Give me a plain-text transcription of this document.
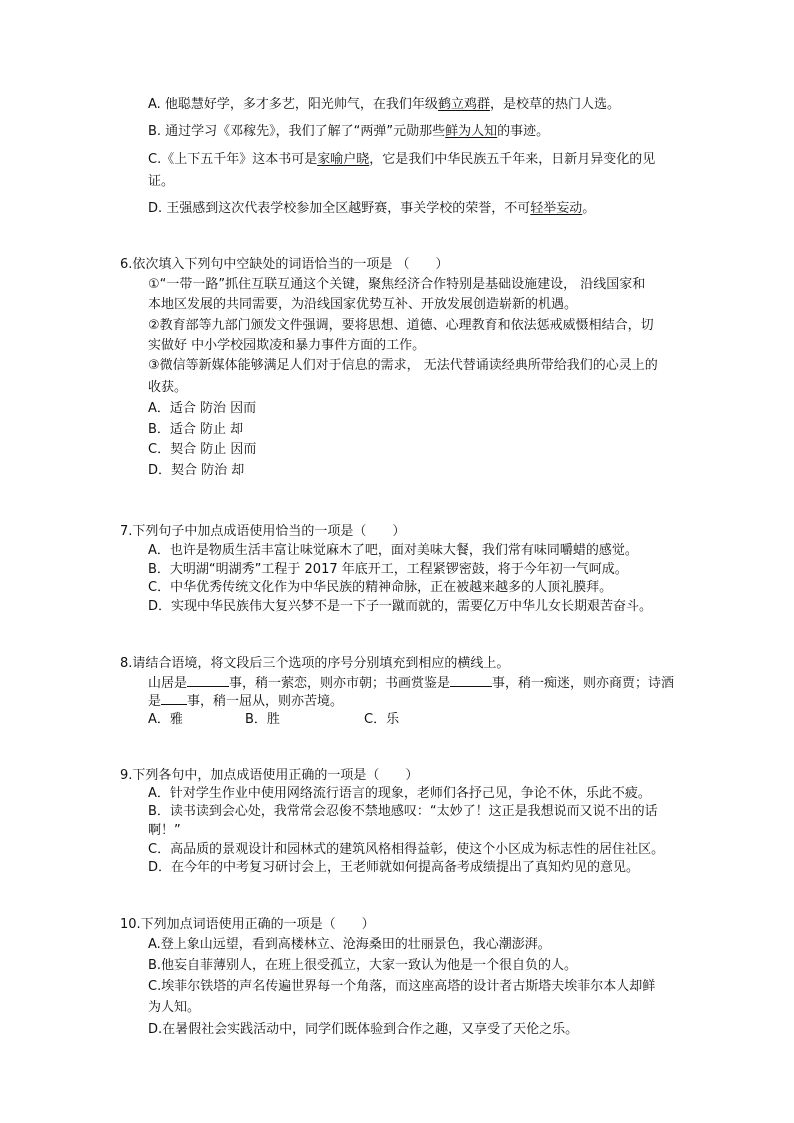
A. 他聪慧好学，多才多艺，阳光帅气，在我们年级鹤立鸡群，是校草的热门人选。
B. 通过学习《邓稼先》，我们了解了“两弹”元勋那些鲜为人知的事迹。
C.《上下五千年》这本书可是家喻户晓，它是我们中华民族五千年来，日新月异变化的见
证。
D. 王强感到这次代表学校参加全区越野赛，事关学校的荣誉，不可轻举妄动。
6.依次填入下列句中空缺处的词语恰当的一项是 （　　）
①“一带一路”抓住互联互通这个关键，聚焦经济合作特别是基础设施建设， 沿线国家和
本地区发展的共同需要，为沿线国家优势互补、开放发展创造崭新的机遇。
②教育部等九部门颁发文件强调，要将思想、道德、心理教育和依法惩戒威慑相结合，切
实做好 中小学校园欺凌和暴力事件方面的工作。
③微信等新媒体能够满足人们对于信息的需求， 无法代替诵读经典所带给我们的心灵上的
收获。
A．适合 防治 因而
B．适合 防止 却
C．契合 防止 因而
D．契合 防治 却
7.下列句子中加点成语使用恰当的一项是（　　）
A．也许是物质生活丰富让味觉麻木了吧，面对美味大餐，我们常有味同嚼蜡的感觉。
B．大明湖“明湖秀”工程于 2017 年底开工，工程紧锣密鼓，将于今年初一气呵成。
C．中华优秀传统文化作为中华民族的精神命脉，正在被越来越多的人顶礼膜拜。
D．实现中华民族伟大复兴梦不是一下子一蹴而就的，需要亿万中华儿女长期艰苦奋斗。
8.请结合语境，将文段后三个选项的序号分别填充到相应的横线上。
山居是	事，稍一萦恋，则亦市朝；书画赏鉴是	事，稍一痴迷，则亦商贾；诗酒
是 事，稍一屈从，则亦苦境。
A．雅	B．胜	C．乐
9.下列各句中，加点成语使用正确的一项是（　　）
A．针对学生作业中使用网络流行语言的现象，老师们各抒己见，争论不休，乐此不疲。
B．读书读到会心处，我常常会忍俊不禁地感叹：“太妙了！这正是我想说而又说不出的话
啊！”
C．高品质的景观设计和园林式的建筑风格相得益彰，使这个小区成为标志性的居住社区。
D．在今年的中考复习研讨会上，王老师就如何提高备考成绩提出了真知灼见的意见。
10.下列加点词语使用正确的一项是（　　）
A.登上象山远望，看到高楼林立、沧海桑田的壮丽景色，我心潮澎湃。
B.他妄自菲薄别人，在班上很受孤立，大家一致认为他是一个很自负的人。
C.埃菲尔铁塔的声名传遍世界每一个角落，而这座高塔的设计者古斯塔夫埃菲尔本人却鲜
为人知。
D.在暑假社会实践活动中，同学们既体验到合作之趣，又享受了天伦之乐。
